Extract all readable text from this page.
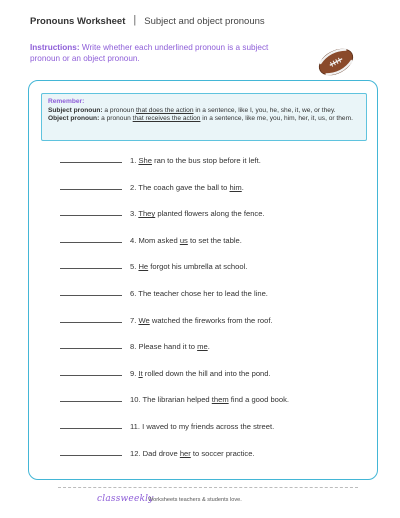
Pronouns Worksheet | Subject and object pronouns
Instructions: Write whether each underlined pronoun is a subject pronoun or an object pronoun.
Remember:
Subject pronoun: a pronoun that does the action in a sentence, like I, you, he, she, it, we, or they.
Object pronoun: a pronoun that receives the action in a sentence, like me, you, him, her, it, us, or them.
1. She ran to the bus stop before it left.
2. The coach gave the ball to him.
3. They planted flowers along the fence.
4. Mom asked us to set the table.
5. He forgot his umbrella at school.
6. The teacher chose her to lead the line.
7. We watched the fireworks from the roof.
8. Please hand it to me.
9. It rolled down the hill and into the pond.
10. The librarian helped them find a good book.
11. I waved to my friends across the street.
12. Dad drove her to soccer practice.
classweekly
Worksheets teachers & students love.
